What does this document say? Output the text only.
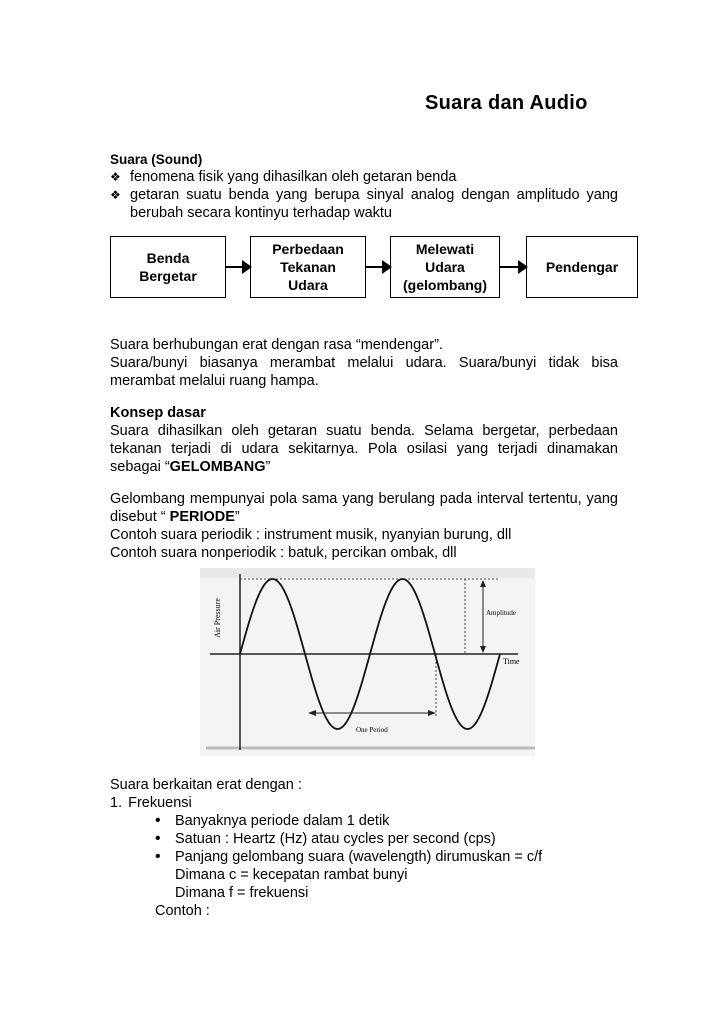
Suara dan Audio
Suara (Sound)
❖ fenomena fisik yang dihasilkan oleh getaran benda
❖ getaran suatu benda yang berupa sinyal analog dengan amplitudo yang
berubah secara kontinyu terhadap waktu
Benda
Bergetar
Perbedaan
Tekanan
Udara
Melewati
Udara
(gelombang)
Pendengar
Suara berhubungan erat dengan rasa “mendengar”.
Suara/bunyi biasanya merambat melalui udara. Suara/bunyi tidak bisa
merambat melalui ruang hampa.
Konsep dasar
Suara dihasilkan oleh getaran suatu benda. Selama bergetar, perbedaan
tekanan terjadi di udara sekitarnya. Pola osilasi yang terjadi dinamakan
sebagai “GELOMBANG”
Gelombang mempunyai pola sama yang berulang pada interval tertentu, yang
disebut “ PERIODE”
Contoh suara periodik : instrument musik, nyanyian burung, dll
Contoh suara nonperiodik : batuk, percikan ombak, dll
Air Pressure
Time
Amplitude
One Period
Suara berkaitan erat dengan :
1. Frekuensi
• Banyaknya periode dalam 1 detik
• Satuan : Heartz (Hz) atau cycles per second (cps)
• Panjang gelombang suara (wavelength) dirumuskan = c/f
Dimana c = kecepatan rambat bunyi
Dimana f = frekuensi
Contoh :
